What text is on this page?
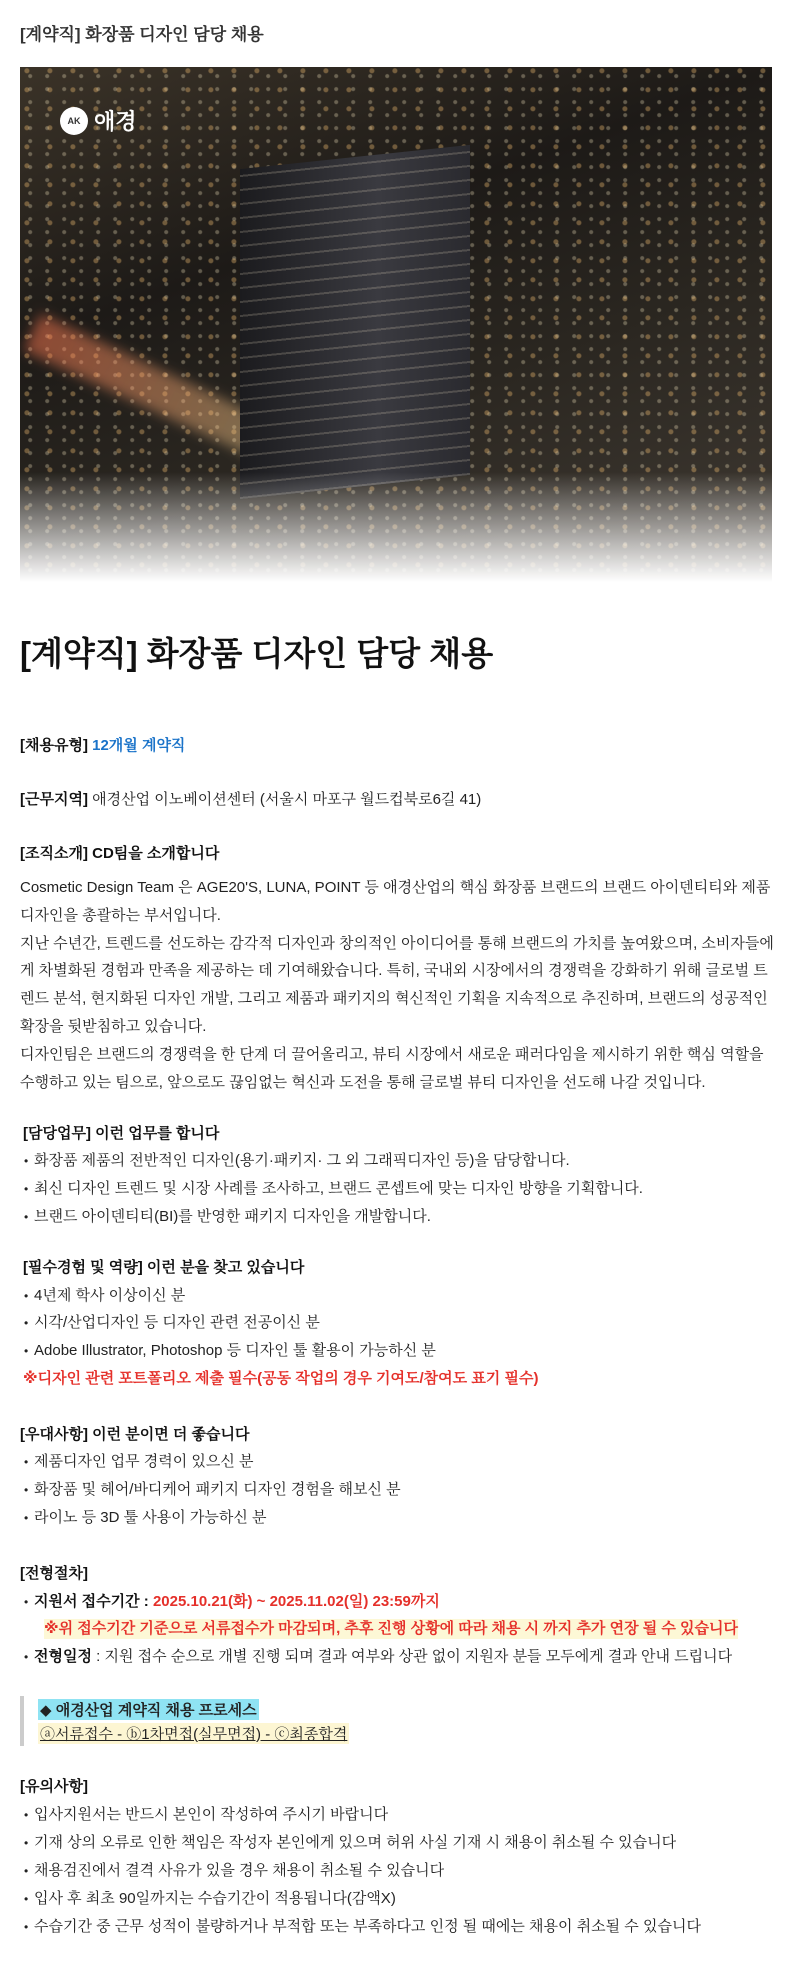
[계약직] 화장품 디자인 담당 채용
AK 애경
[계약직] 화장품 디자인 담당 채용
[채용유형] 12개월 계약직
[근무지역] 애경산업 이노베이션센터 (서울시 마포구 월드컵북로6길 41)
[조직소개] CD팀을 소개합니다

Cosmetic Design Team 은 AGE20'S, LUNA, POINT 등 애경산업의 핵심 화장품 브랜드의 브랜드 아이덴티티와 제품 디자인을 총괄하는 부서입니다.

지난 수년간, 트렌드를 선도하는 감각적 디자인과 창의적인 아이디어를 통해 브랜드의 가치를 높여왔으며, 소비자들에게 차별화된 경험과 만족을 제공하는 데 기여해왔습니다. 특히, 국내외 시장에서의 경쟁력을 강화하기 위해 글로벌 트렌드 분석, 현지화된 디자인 개발, 그리고 제품과 패키지의 혁신적인 기획을 지속적으로 추진하며, 브랜드의 성공적인 확장을 뒷받침하고 있습니다.

디자인팀은 브랜드의 경쟁력을 한 단계 더 끌어올리고, 뷰티 시장에서 새로운 패러다임을 제시하기 위한 핵심 역할을 수행하고 있는 팀으로, 앞으로도 끊임없는 혁신과 도전을 통해 글로벌 뷰티 디자인을 선도해 나갈 것입니다.

[담당업무] 이런 업무를 합니다
• 화장품 제품의 전반적인 디자인(용기·패키지· 그 외 그래픽디자인 등)을 담당합니다.
• 최신 디자인 트렌드 및 시장 사례를 조사하고, 브랜드 콘셉트에 맞는 디자인 방향을 기획합니다.
• 브랜드 아이덴티티(BI)를 반영한 패키지 디자인을 개발합니다.
[필수경험 및 역량] 이런 분을 찾고 있습니다
• 4년제 학사 이상이신 분
• 시각/산업디자인 등 디자인 관련 전공이신 분
• Adobe Illustrator, Photoshop 등 디자인 툴 활용이 가능하신 분
※디자인 관련 포트폴리오 제출 필수(공동 작업의 경우 기여도/참여도 표기 필수)
[우대사항] 이런 분이면 더 좋습니다
• 제품디자인 업무 경력이 있으신 분
• 화장품 및 헤어/바디케어 패키지 디자인 경험을 해보신 분
• 라이노 등 3D 툴 사용이 가능하신 분
[전형절차]
• 지원서 접수기간 : 2025.10.21(화) ~ 2025.11.02(일) 23:59까지
※위 접수기간 기준으로 서류접수가 마감되며, 추후 진행 상황에 따라 채용 시 까지 추가 연장 될 수 있습니다
• 전형일정 : 지원 접수 순으로 개별 진행 되며 결과 여부와 상관 없이 지원자 분들 모두에게 결과 안내 드립니다
◆ 애경산업 계약직 채용 프로세스
ⓐ서류접수 - ⓑ1차면접(실무면접) - ⓒ최종합격
[유의사항]
• 입사지원서는 반드시 본인이 작성하여 주시기 바랍니다
• 기재 상의 오류로 인한 책임은 작성자 본인에게 있으며 허위 사실 기재 시 채용이 취소될 수 있습니다
• 채용검진에서 결격 사유가 있을 경우 채용이 취소될 수 있습니다
• 입사 후 최초 90일까지는 수습기간이 적용됩니다(감액X)
• 수습기간 중 근무 성적이 불량하거나 부적합 또는 부족하다고 인정 될 때에는 채용이 취소될 수 있습니다
